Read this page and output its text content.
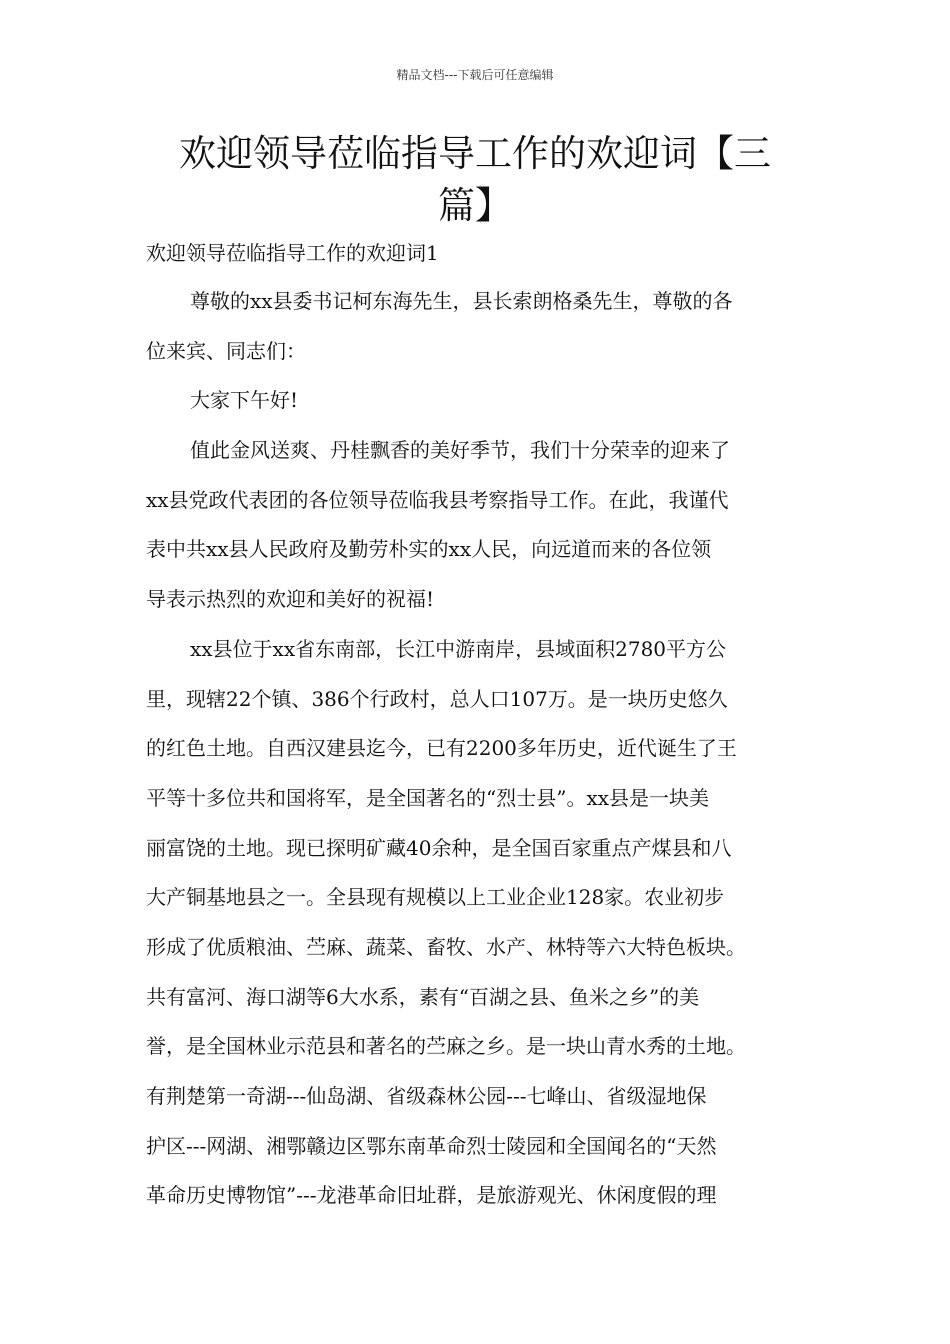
精品文档---下载后可任意编辑
欢迎领导莅临指导工作的欢迎词【三
篇】
欢迎领导莅临指导工作的欢迎词1
尊敬的xx县委书记柯东海先生，县长索朗格桑先生，尊敬的各
位来宾、同志们：
大家下午好!
值此金风送爽、丹桂飘香的美好季节，我们十分荣幸的迎来了
xx县党政代表团的各位领导莅临我县考察指导工作。在此，我谨代
表中共xx县人民政府及勤劳朴实的xx人民，向远道而来的各位领
导表示热烈的欢迎和美好的祝福!
xx县位于xx省东南部，长江中游南岸，县域面积2780平方公
里，现辖22个镇、386个行政村，总人口107万。是一块历史悠久
的红色土地。自西汉建县迄今，已有2200多年历史，近代诞生了王
平等十多位共和国将军，是全国著名的“烈士县”。xx县是一块美
丽富饶的土地。现已探明矿藏40余种，是全国百家重点产煤县和八
大产铜基地县之一。全县现有规模以上工业企业128家。农业初步
形成了优质粮油、苎麻、蔬菜、畜牧、水产、林特等六大特色板块。
共有富河、海口湖等6大水系，素有“百湖之县、鱼米之乡”的美
誉，是全国林业示范县和著名的苎麻之乡。是一块山青水秀的土地。
有荆楚第一奇湖---仙岛湖、省级森林公园---七峰山、省级湿地保
护区---网湖、湘鄂赣边区鄂东南革命烈士陵园和全国闻名的“天然
革命历史博物馆”---龙港革命旧址群，是旅游观光、休闲度假的理
